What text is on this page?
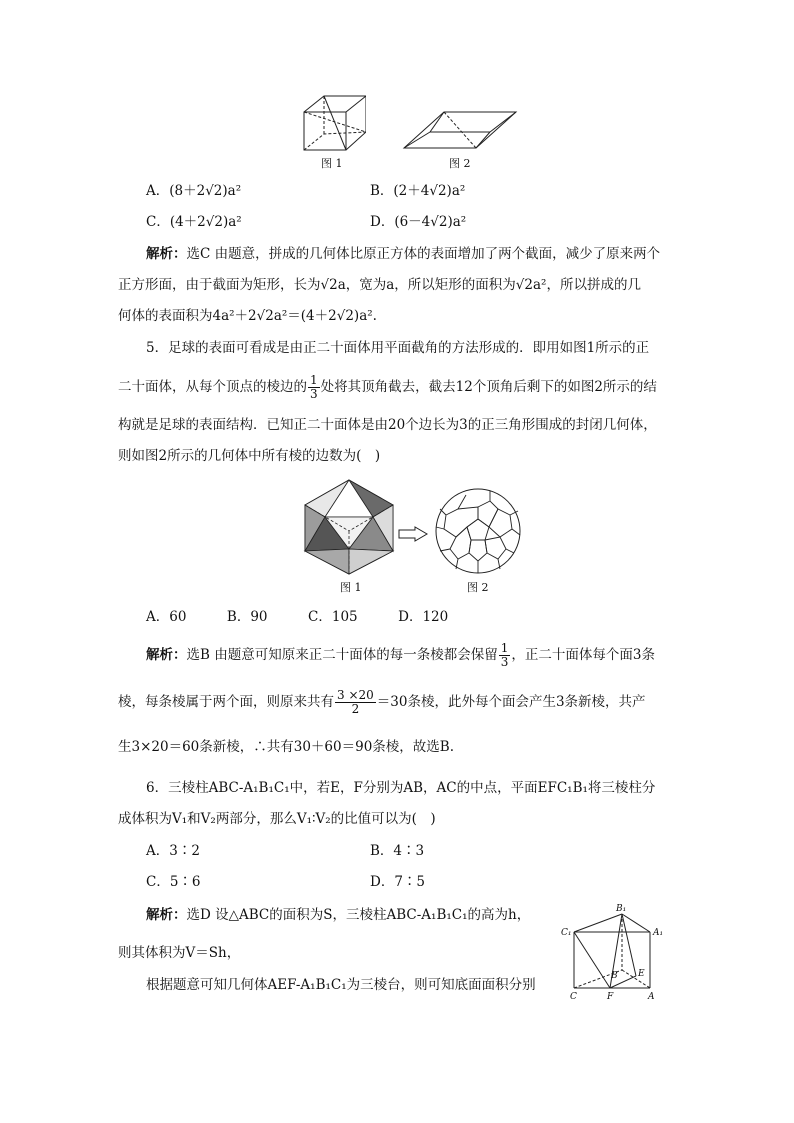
图 1	图 2
A．(8＋2√2)a²	B．(2＋4√2)a²
C．(4＋2√2)a²	D．(6－4√2)a²
解析：选C 由题意，拼成的几何体比原正方体的表面增加了两个截面，减少了原来两个
正方形面，由于截面为矩形，长为√2a，宽为a，所以矩形的面积为√2a²，所以拼成的几
何体的表面积为4a²＋2√2a²＝(4＋2√2)a².
5．足球的表面可看成是由正二十面体用平面截角的方法形成的．即用如图1所示的正
二十面体，从每个顶点的棱边的 $\frac{1}{3}$ 处将其顶角截去，截去12个顶角后剩下的如图2所示的结
构就是足球的表面结构．已知正二十面体是由20个边长为3的正三角形围成的封闭几何体，
则如图2所示的几何体中所有棱的边数为(　)
图 1	图 2
A．60　　　B．90　　　C．105　　　D．120
解析：选B 由题意可知原来正二十面体的每一条棱都会保留 $\frac{1}{3}$ ，正二十面体每个面3条
棱，每条棱属于两个面，则原来共有 $\frac{3 \times 20}{2} =30$条棱，此外每个面会产生3条新棱，共产
生3×20＝60条新棱，∴共有30＋60＝90条棱，故选B.
6．三棱柱ABC-A₁B₁C₁中，若E，F分别为AB，AC的中点，平面EFC₁B₁将三棱柱分
成体积为V₁和V₂两部分，那么V₁∶V₂的比值可以为(　)
A．3∶2	B．4∶3
C．5∶6	D．7∶5
解析：选D 设△ABC的面积为S，三棱柱ABC-A₁B₁C₁的高为h，
则其体积为V＝Sh，
根据题意可知几何体AEF-A₁B₁C₁为三棱台，则可知底面面积分别
B₁
C₁	A₁
B E
C	F	A
